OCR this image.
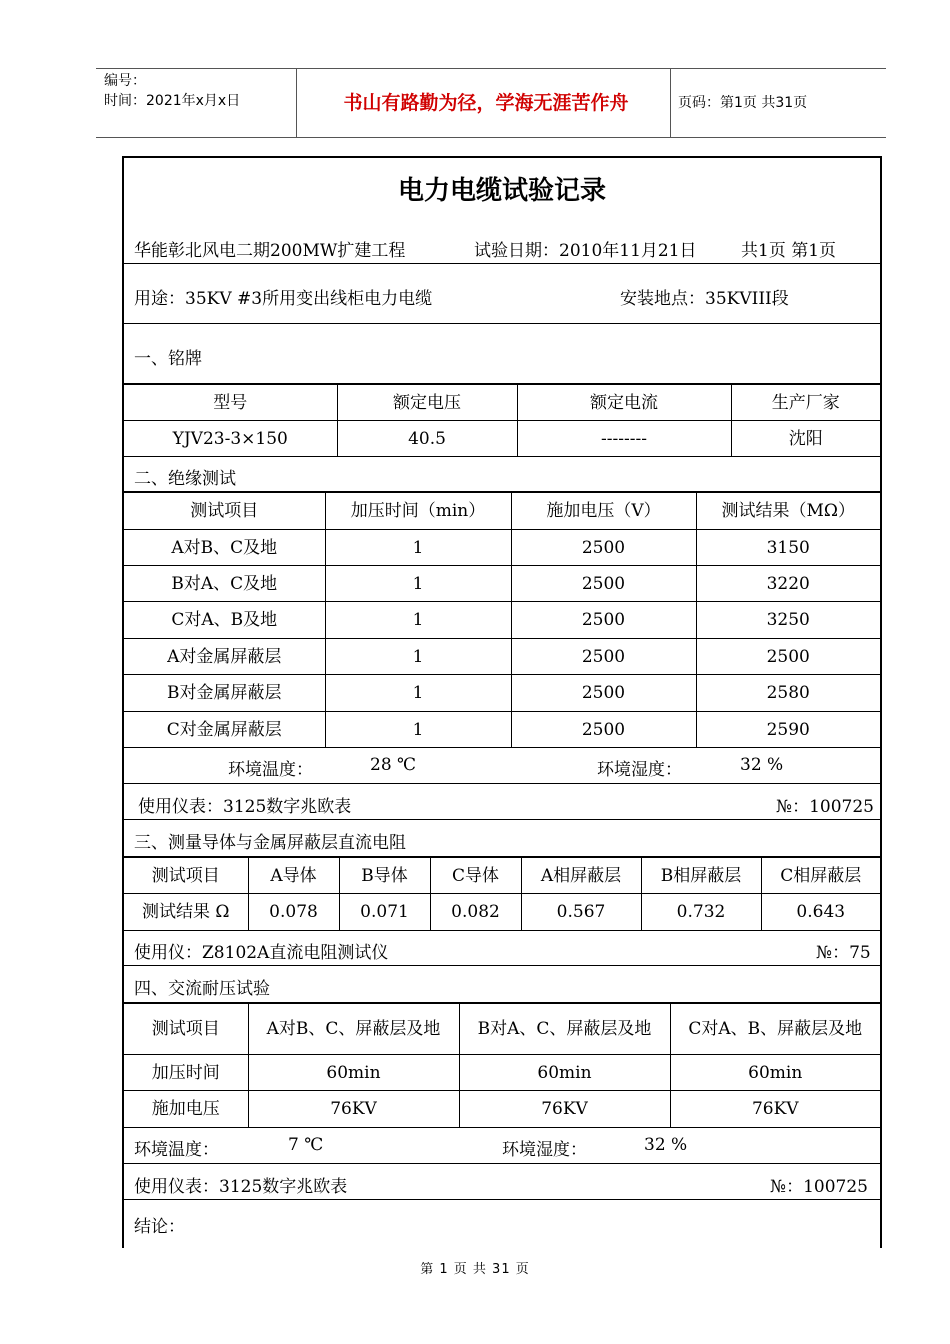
编号：
时间：2021年x月x日	书山有路勤为径，学海无涯苦作舟	页码：第1页 共31页
电力电缆试验记录
华能彰北风电二期200MW扩建工程	试验日期：2010年11月21日	共1页 第1页
用途：35KV #3所用变出线柜电力电缆	安装地点：35KVIII段
一、铭牌
型号	额定电压	额定电流	生产厂家
YJV23-3×150	40.5	--------	沈阳
二、绝缘测试
测试项目	加压时间（min）	施加电压（V）	测试结果（MΩ）
A对B、C及地	1	2500	3150
B对A、C及地	1	2500	3220
C对A、B及地	1	2500	3250
A对金属屏蔽层	1	2500	2500
B对金属屏蔽层	1	2500	2580
C对金属屏蔽层	1	2500	2590
环境温度：	28 ℃	环境湿度：	32 %
使用仪表：3125数字兆欧表	№：100725
三、测量导体与金属屏蔽层直流电阻
测试项目	A导体	B导体	C导体	A相屏蔽层	B相屏蔽层	C相屏蔽层
测试结果 Ω	0.078	0.071	0.082	0.567	0.732	0.643
使用仪：Z8102A直流电阻测试仪	№：75
四、交流耐压试验
测试项目	A对B、C、屏蔽层及地	B对A、C、屏蔽层及地	C对A、B、屏蔽层及地
加压时间	60min	60min	60min
施加电压	76KV	76KV	76KV
环境温度：	7 ℃	环境湿度：	32 %
使用仪表：3125数字兆欧表	№：100725
结论：
第 1 页 共 31 页
